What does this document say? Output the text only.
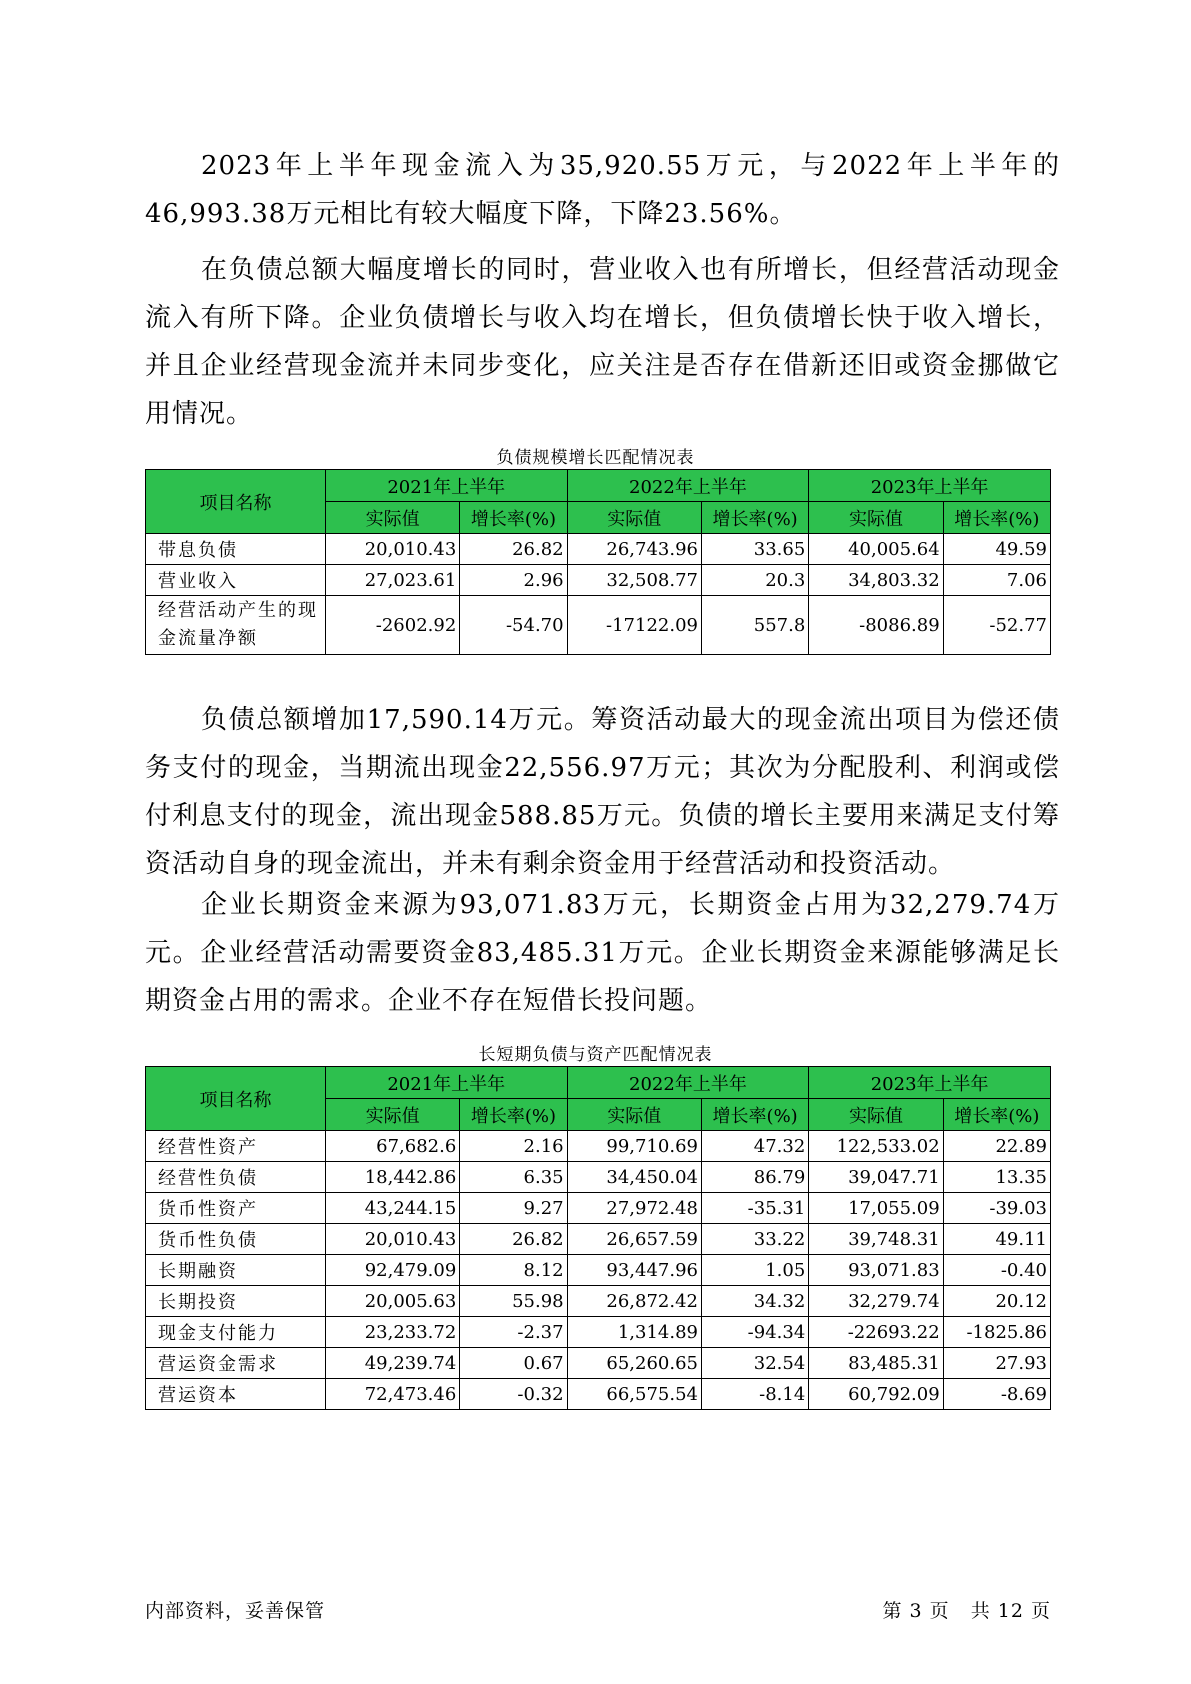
2023年上半年现金流入为35,920.55万元，与2022年上半年的46,993.38万元相比有较大幅度下降，下降23.56%。

在负债总额大幅度增长的同时，营业收入也有所增长，但经营活动现金流入有所下降。企业负债增长与收入均在增长，但负债增长快于收入增长，并且企业经营现金流并未同步变化，应关注是否存在借新还旧或资金挪做它用情况。

负债规模增长匹配情况表
项目名称	2021年上半年		2022年上半年		2023年上半年	
	实际值	增长率(%)	实际值	增长率(%)	实际值	增长率(%)
带息负债	20,010.43	26.82	26,743.96	33.65	40,005.64	49.59
营业收入	27,023.61	2.96	32,508.77	20.3	34,803.32	7.06
经营活动产生的现金流量净额	-2602.92	-54.70	-17122.09	557.8	-8086.89	-52.77

负债总额增加17,590.14万元。筹资活动最大的现金流出项目为偿还债务支付的现金，当期流出现金22,556.97万元；其次为分配股利、利润或偿付利息支付的现金，流出现金588.85万元。负债的增长主要用来满足支付筹资活动自身的现金流出，并未有剩余资金用于经营活动和投资活动。

企业长期资金来源为93,071.83万元，长期资金占用为32,279.74万元。企业经营活动需要资金83,485.31万元。企业长期资金来源能够满足长期资金占用的需求。企业不存在短借长投问题。

长短期负债与资产匹配情况表
项目名称	2021年上半年		2022年上半年		2023年上半年	
	实际值	增长率(%)	实际值	增长率(%)	实际值	增长率(%)
经营性资产	67,682.6	2.16	99,710.69	47.32	122,533.02	22.89
经营性负债	18,442.86	6.35	34,450.04	86.79	39,047.71	13.35
货币性资产	43,244.15	9.27	27,972.48	-35.31	17,055.09	-39.03
货币性负债	20,010.43	26.82	26,657.59	33.22	39,748.31	49.11
长期融资	92,479.09	8.12	93,447.96	1.05	93,071.83	-0.40
长期投资	20,005.63	55.98	26,872.42	34.32	32,279.74	20.12
现金支付能力	23,233.72	-2.37	1,314.89	-94.34	-22693.22	-1825.86
营运资金需求	49,239.74	0.67	65,260.65	32.54	83,485.31	27.93
营运资本	72,473.46	-0.32	66,575.54	-8.14	60,792.09	-8.69
内部资料，妥善保管	第 3 页   共 12 页
